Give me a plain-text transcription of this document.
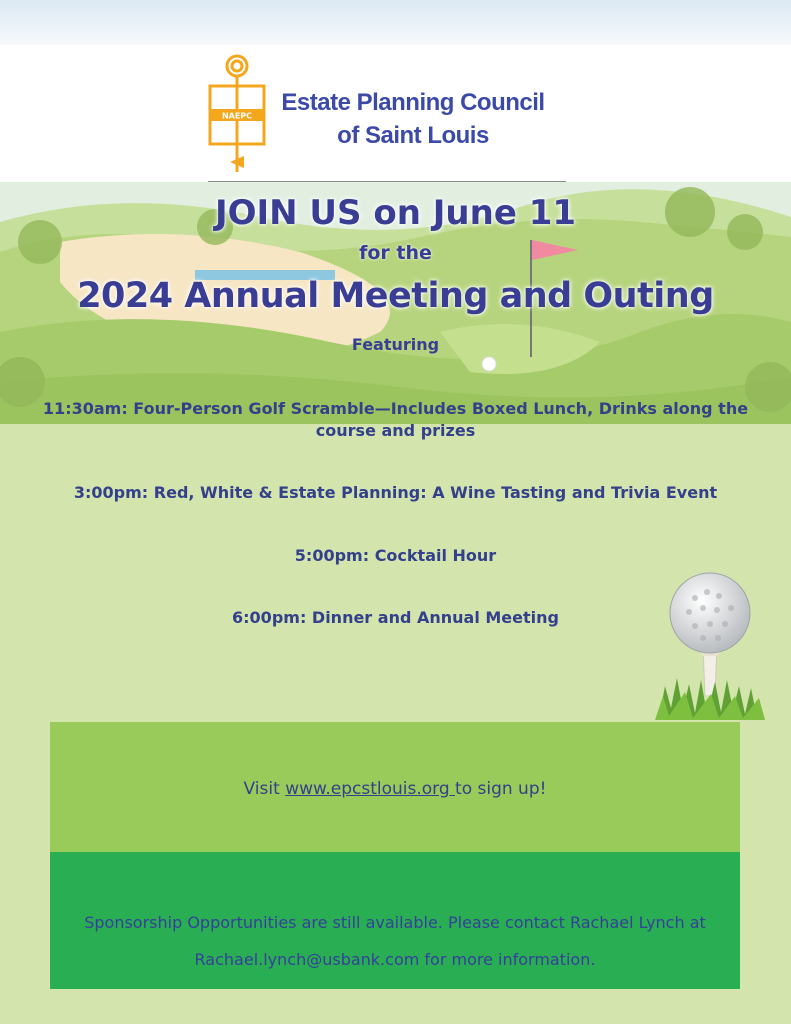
NAEPC	Estate Planning Council
of Saint Louis
JOIN US on June 11
for the
2024 Annual Meeting and Outing
Featuring
11:30am: Four-Person Golf Scramble—Includes Boxed Lunch, Drinks along the course and prizes
3:00pm: Red, White & Estate Planning: A Wine Tasting and Trivia Event
5:00pm: Cocktail Hour
6:00pm: Dinner and Annual Meeting
Visit www.epcstlouis.org to sign up!
Sponsorship Opportunities are still available. Please contact Rachael Lynch at
Rachael.lynch@usbank.com for more information.
